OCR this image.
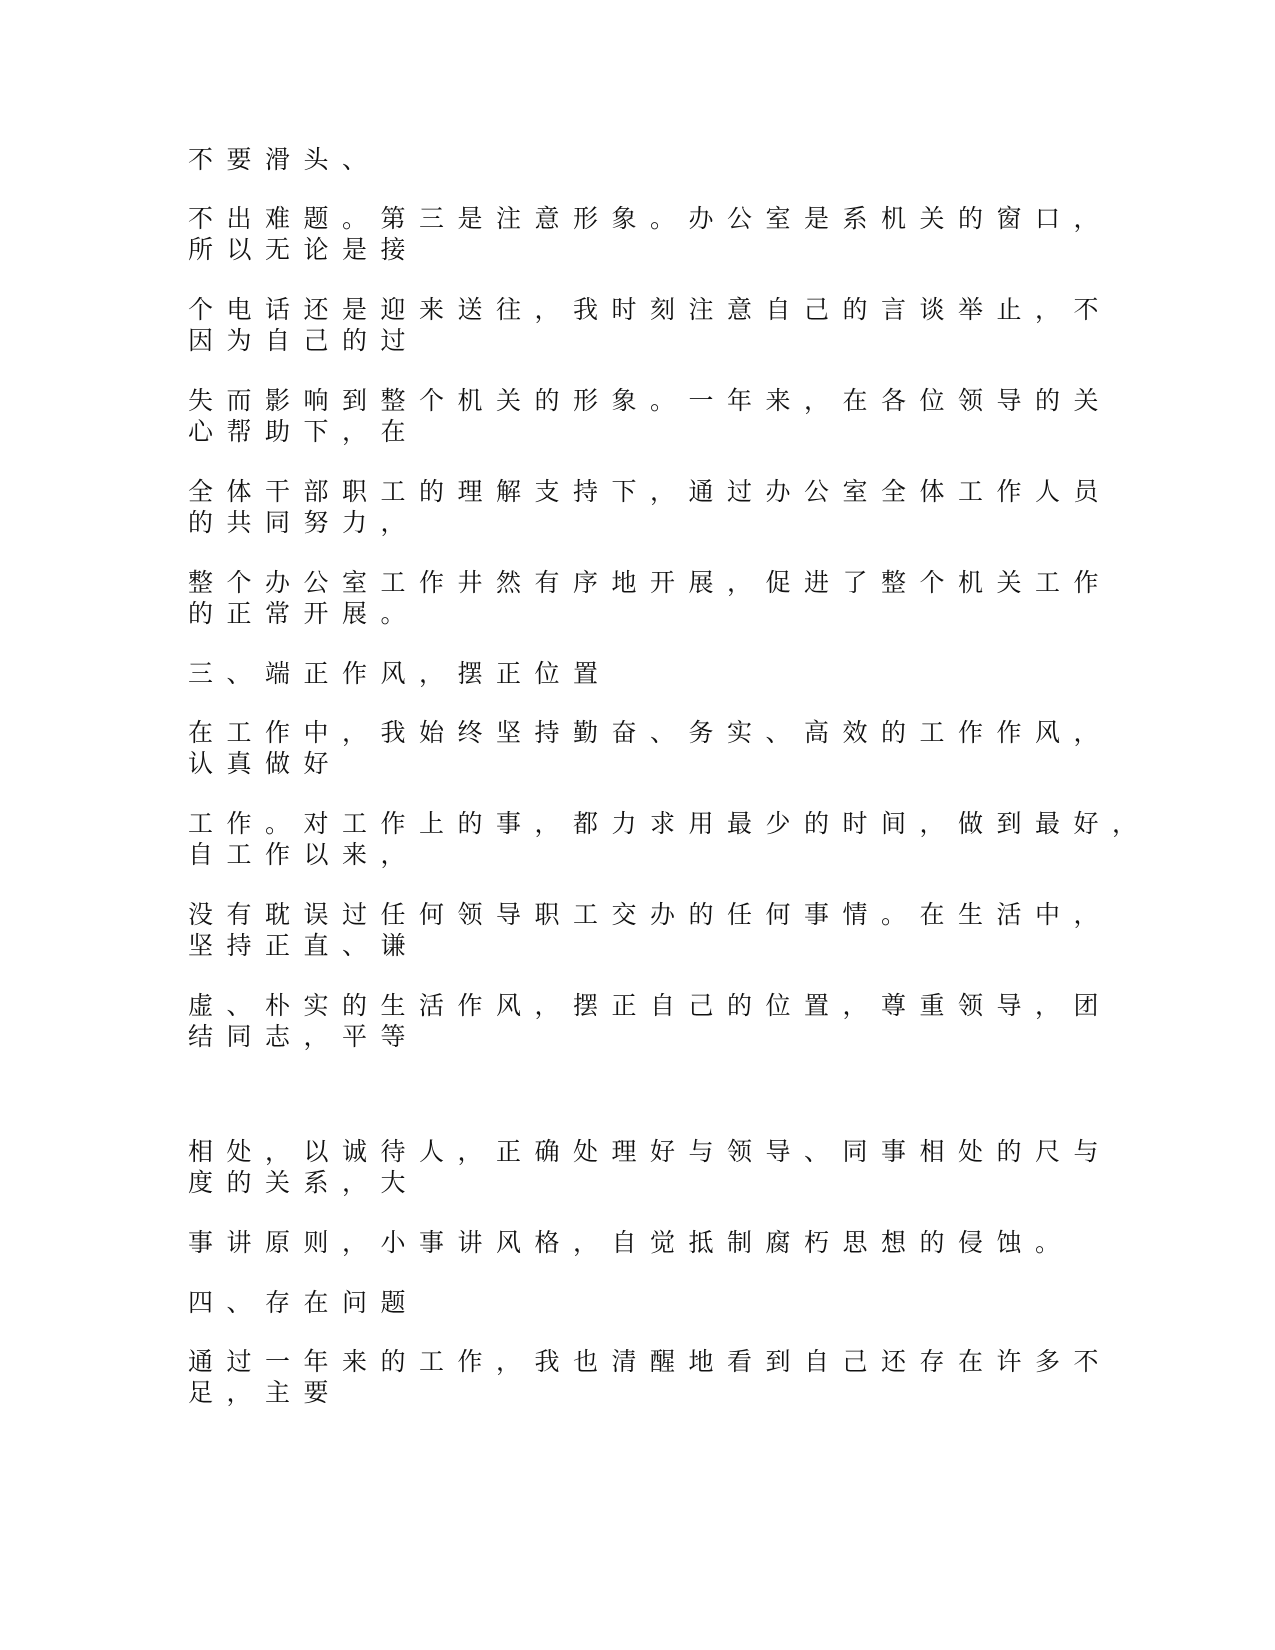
不要滑头、
不出难题。第三是注意形象。办公室是系机关的窗口，
所以无论是接
个电话还是迎来送往，我时刻注意自己的言谈举止，不
因为自己的过
失而影响到整个机关的形象。一年来，在各位领导的关
心帮助下，在
全体干部职工的理解支持下，通过办公室全体工作人员
的共同努力，
整个办公室工作井然有序地开展，促进了整个机关工作
的正常开展。
三、端正作风，摆正位置
在工作中，我始终坚持勤奋、务实、高效的工作作风，
认真做好
工作。对工作上的事，都力求用最少的时间，做到最好，
自工作以来，
没有耽误过任何领导职工交办的任何事情。在生活中，
坚持正直、谦
虚、朴实的生活作风，摆正自己的位置，尊重领导，团
结同志，平等
相处，以诚待人，正确处理好与领导、同事相处的尺与
度的关系，大
事讲原则，小事讲风格，自觉抵制腐朽思想的侵蚀。
四、存在问题
通过一年来的工作，我也清醒地看到自己还存在许多不
足，主要
